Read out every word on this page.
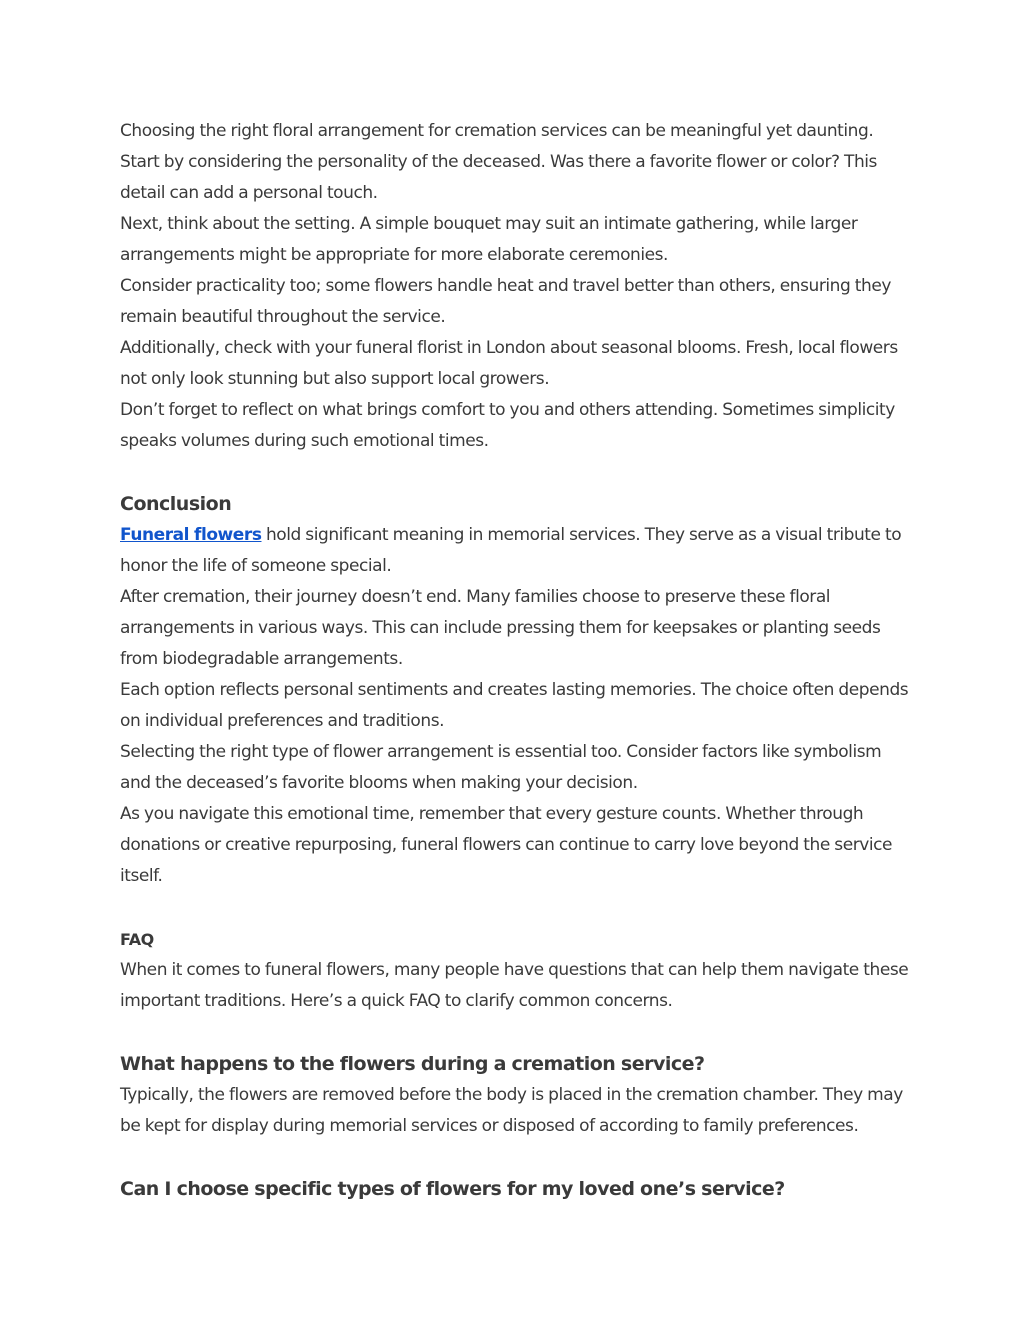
Choosing the right floral arrangement for cremation services can be meaningful yet daunting. Start by considering the personality of the deceased. Was there a favorite flower or color? This detail can add a personal touch.

Next, think about the setting. A simple bouquet may suit an intimate gathering, while larger arrangements might be appropriate for more elaborate ceremonies.

Consider practicality too; some flowers handle heat and travel better than others, ensuring they remain beautiful throughout the service.

Additionally, check with your funeral florist in London about seasonal blooms. Fresh, local flowers not only look stunning but also support local growers.

Don’t forget to reflect on what brings comfort to you and others attending. Sometimes simplicity speaks volumes during such emotional times.

Conclusion

Funeral flowers hold significant meaning in memorial services. They serve as a visual tribute to honor the life of someone special.

After cremation, their journey doesn’t end. Many families choose to preserve these floral arrangements in various ways. This can include pressing them for keepsakes or planting seeds from biodegradable arrangements.

Each option reflects personal sentiments and creates lasting memories. The choice often depends on individual preferences and traditions.

Selecting the right type of flower arrangement is essential too. Consider factors like symbolism and the deceased’s favorite blooms when making your decision.

As you navigate this emotional time, remember that every gesture counts. Whether through donations or creative repurposing, funeral flowers can continue to carry love beyond the service itself.

FAQ

When it comes to funeral flowers, many people have questions that can help them navigate these important traditions. Here’s a quick FAQ to clarify common concerns.

What happens to the flowers during a cremation service?

Typically, the flowers are removed before the body is placed in the cremation chamber. They may be kept for display during memorial services or disposed of according to family preferences.

Can I choose specific types of flowers for my loved one’s service?
